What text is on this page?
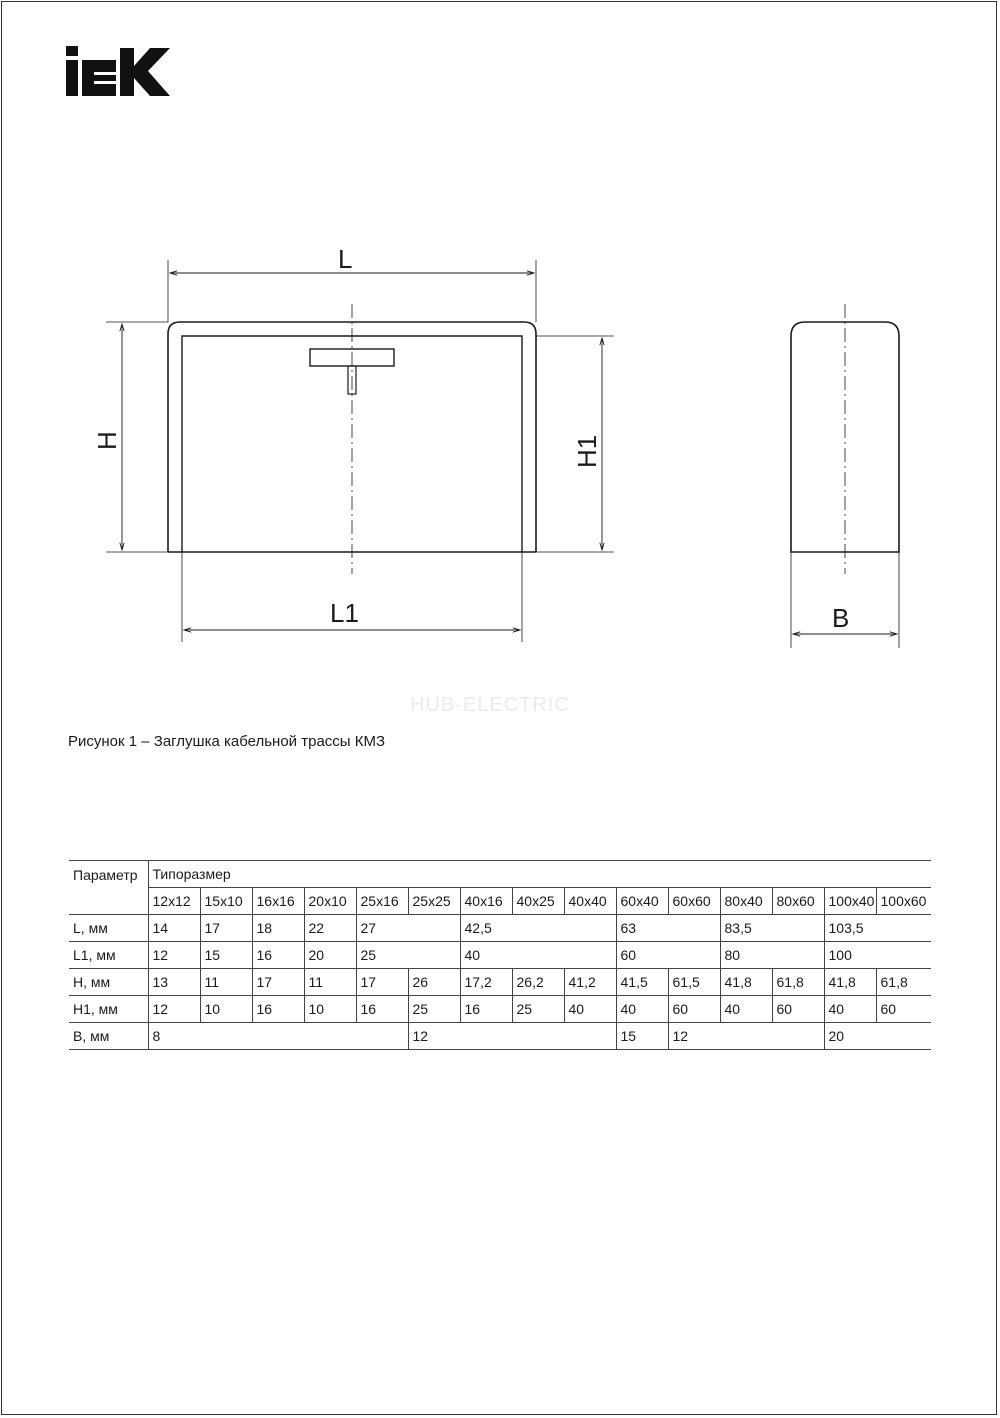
L
L1
H	H1
B
HUB-ELECTRIC
Рисунок 1 – Заглушка кабельной трассы КМЗ
Параметр	Типоразмер														
	12x12	15x10	16x16	20x10	25x16	25x25	40x16	40x25	40x40	60x40	60x60	80x40	80x60	100x40	100x60
L, мм	14	17	18	22	27		42,5			63		83,5		103,5	
L1, мм	12	15	16	20	25		40			60		80		100	
H, мм	13	11	17	11	17	26	17,2	26,2	41,2	41,5	61,5	41,8	61,8	41,8	61,8
H1, мм	12	10	16	10	16	25	16	25	40	40	60	40	60	40	60
B, мм	8					12				15	12			20	
